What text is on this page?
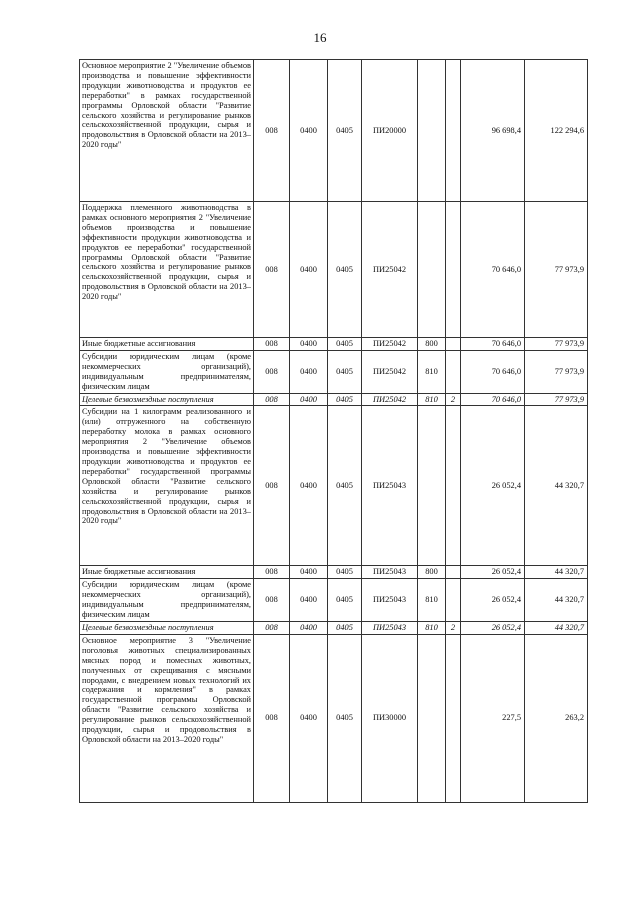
16
Основное мероприятие 2 "Увеличение объемов производства и повышение эффективности продукции животноводства и продуктов ее переработки" в рамках государственной программы Орловской области "Развитие сельского хозяйства и регулирование рынков сельскохозяйственной продукции, сырья и продовольствия в Орловской области на 2013–2020 годы"	008	0400	0405	ПИ20000			96 698,4	122 294,6
Поддержка племенного животноводства в рамках основного мероприятия 2 "Увеличение объемов производства и повышение эффективности продукции животноводства и продуктов ее переработки" государственной программы Орловской области "Развитие сельского хозяйства и регулирование рынков сельскохозяйственной продукции, сырья и продовольствия в Орловской области на 2013–2020 годы"	008	0400	0405	ПИ25042			70 646,0	77 973,9
Иные бюджетные ассигнования	008	0400	0405	ПИ25042	800		70 646,0	77 973,9
Субсидии юридическим лицам (кроме некоммерческих организаций), индивидуальным предпринимателям, физическим лицам	008	0400	0405	ПИ25042	810		70 646,0	77 973,9
Целевые безвозмездные поступления	008	0400	0405	ПИ25042	810	2	70 646,0	77 973,9
Субсидии на 1 килограмм реализованного и (или) отгруженного на собственную переработку молока в рамках основного мероприятия 2 "Увеличение объемов производства и повышение эффективности продукции животноводства и продуктов ее переработки" государственной программы Орловской области "Развитие сельского хозяйства и регулирование рынков сельскохозяйственной продукции, сырья и продовольствия в Орловской области на 2013–2020 годы"	008	0400	0405	ПИ25043			26 052,4	44 320,7
Иные бюджетные ассигнования	008	0400	0405	ПИ25043	800		26 052,4	44 320,7
Субсидии юридическим лицам (кроме некоммерческих организаций), индивидуальным предпринимателям, физическим лицам	008	0400	0405	ПИ25043	810		26 052,4	44 320,7
Целевые безвозмездные поступления	008	0400	0405	ПИ25043	810	2	26 052,4	44 320,7
Основное мероприятие 3 "Увеличение поголовья животных специализированных мясных пород и помесных животных, полученных от скрещивания с мясными породами, с внедрением новых технологий их содержания и кормления" в рамках государственной программы Орловской области "Развитие сельского хозяйства и регулирование рынков сельскохозяйственной продукции, сырья и продовольствия в Орловской области на 2013–2020 годы"	008	0400	0405	ПИ30000			227,5	263,2
